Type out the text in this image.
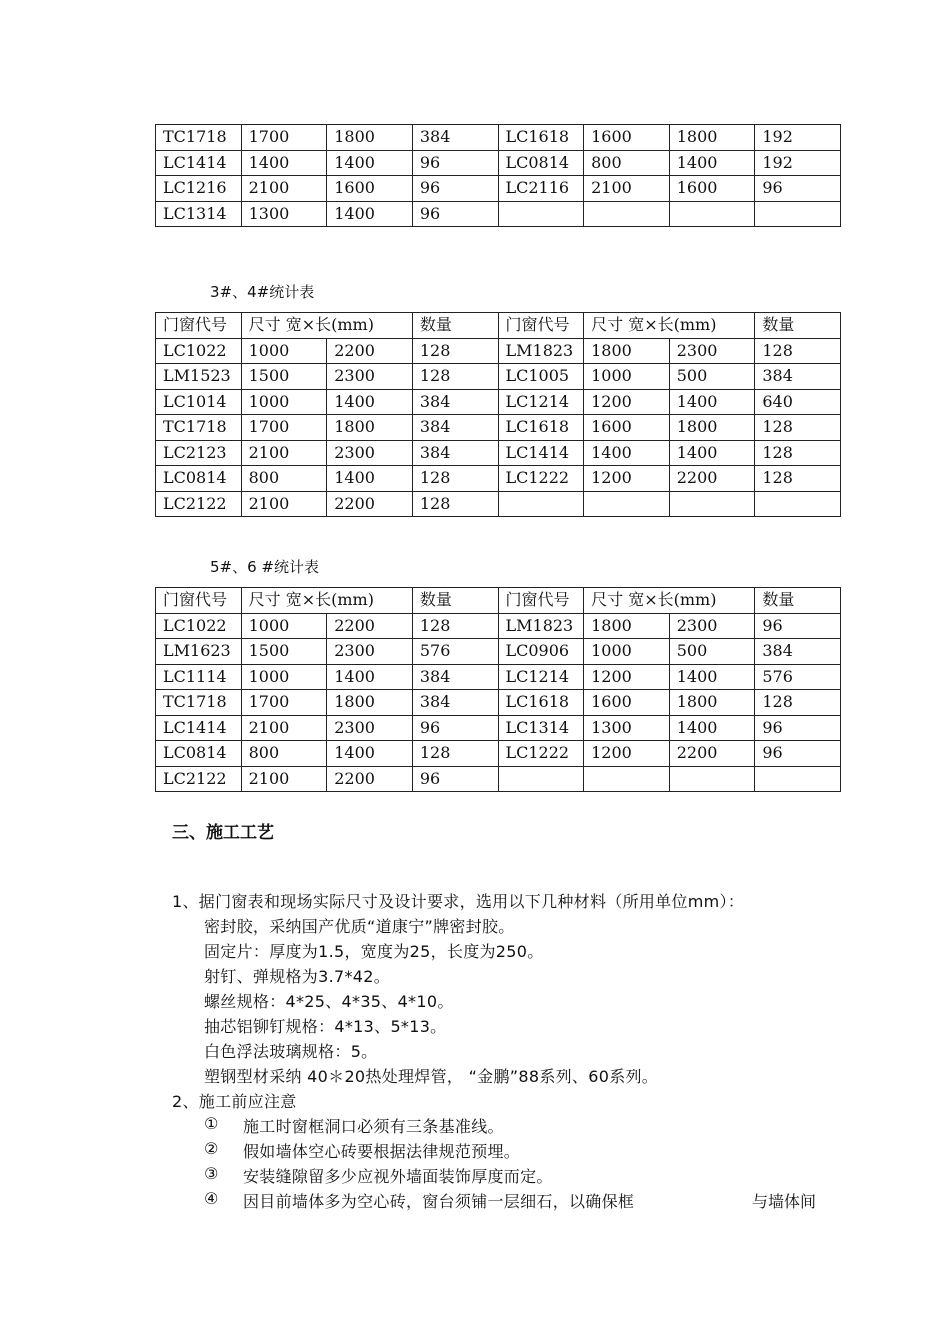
TC1718	1700	1800	384	LC1618	1600	1800	192
LC1414	1400	1400	96	LC0814	800	1400	192
LC1216	2100	1600	96	LC2116	2100	1600	96
LC1314	1300	1400	96				
3#、4#统计表
门窗代号	尺寸 宽×长(mm)		数量	门窗代号	尺寸 宽×长(mm)		数量
LC1022	1000	2200	128	LM1823	1800	2300	128
LM1523	1500	2300	128	LC1005	1000	500	384
LC1014	1000	1400	384	LC1214	1200	1400	640
TC1718	1700	1800	384	LC1618	1600	1800	128
LC2123	2100	2300	384	LC1414	1400	1400	128
LC0814	800	1400	128	LC1222	1200	2200	128
LC2122	2100	2200	128				
5#、6 #统计表
门窗代号	尺寸 宽×长(mm)		数量	门窗代号	尺寸 宽×长(mm)		数量
LC1022	1000	2200	128	LM1823	1800	2300	96
LM1623	1500	2300	576	LC0906	1000	500	384
LC1114	1000	1400	384	LC1214	1200	1400	576
TC1718	1700	1800	384	LC1618	1600	1800	128
LC1414	2100	2300	96	LC1314	1300	1400	96
LC0814	800	1400	128	LC1222	1200	2200	96
LC2122	2100	2200	96				
三、施工工艺
1、据门窗表和现场实际尺寸及设计要求，选用以下几种材料（所用单位mm）：
密封胶，采纳国产优质“道康宁”牌密封胶。
固定片：厚度为1.5，宽度为25，长度为250。
射钉、弹规格为3.7*42。
螺丝规格：4*25、4*35、4*10。
抽芯铝铆钉规格：4*13、5*13。
白色浮法玻璃规格：5。
塑钢型材采纳 40＊20热处理焊管， “金鹏”88系列、60系列。
2、施工前应注意
① 施工时窗框洞口必须有三条基准线。
② 假如墙体空心砖要根据法律规范预埋。
③ 安装缝隙留多少应视外墙面装饰厚度而定。
④ 因目前墙体多为空心砖，窗台须铺一层细石，以确保框	与墙体间
